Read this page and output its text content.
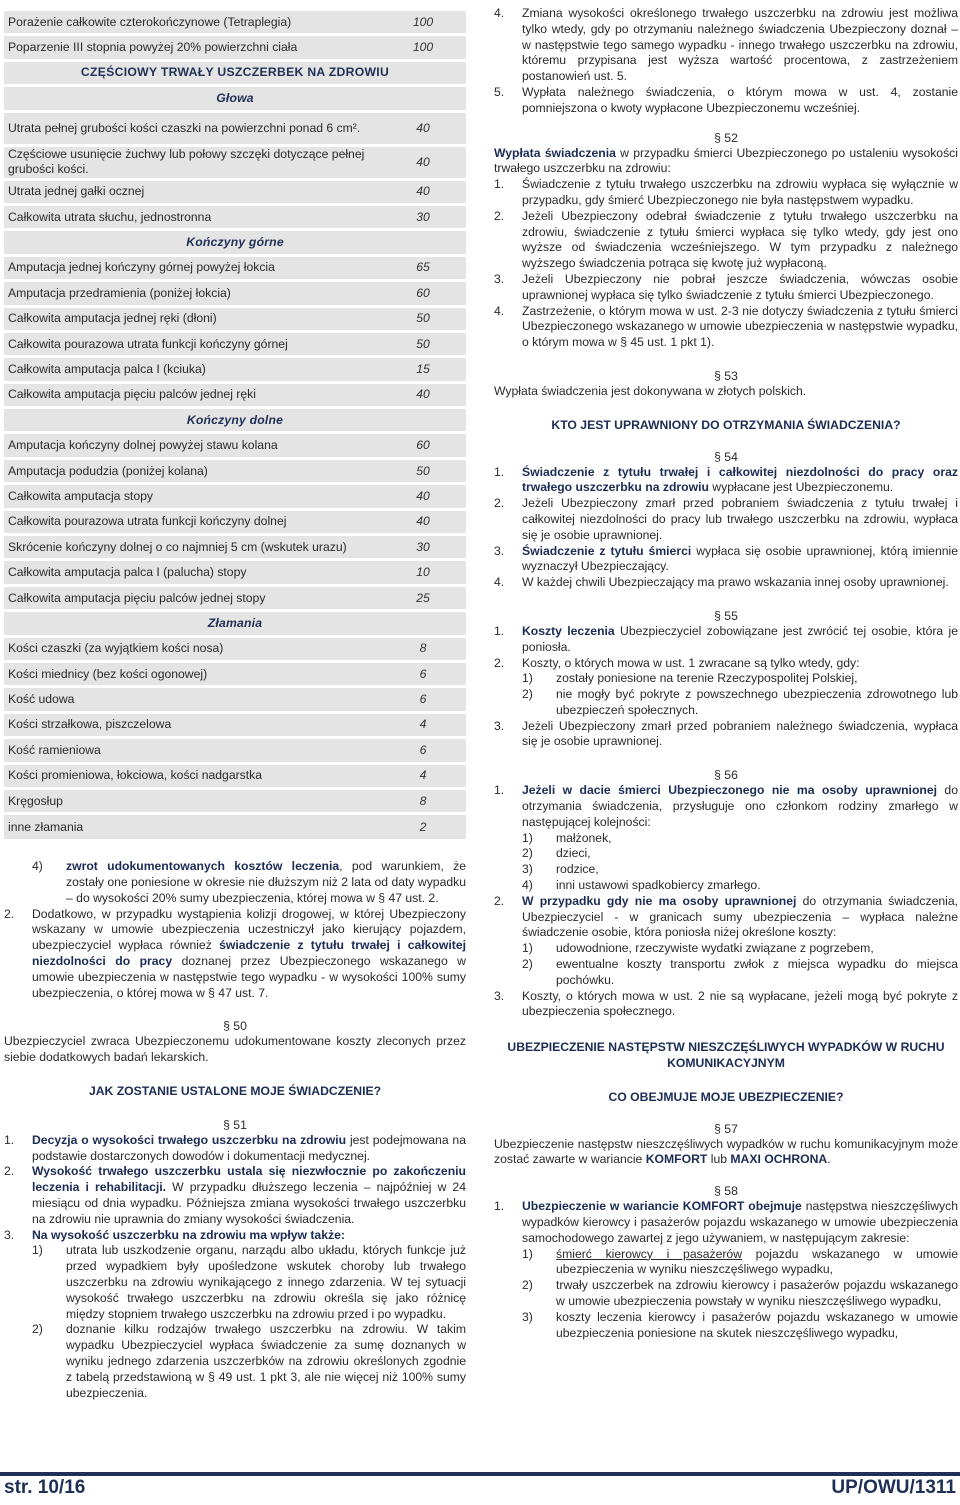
Porażenie całkowite czterokończynowe (Tetraplegia)	100
Poparzenie III stopnia powyżej 20% powierzchni ciała	100
CZĘŚCIOWY TRWAŁY USZCZERBEK NA ZDROWIU	
Głowa	
Utrata pełnej grubości kości czaszki na powierzchni ponad 6 cm².	40
Częściowe usunięcie żuchwy lub połowy szczęki dotyczące pełnej grubości kości.	40
Utrata jednej gałki ocznej	40
Całkowita utrata słuchu, jednostronna	30
Kończyny górne	
Amputacja jednej kończyny górnej powyżej łokcia	65
Amputacja przedramienia (poniżej łokcia)	60
Całkowita amputacja jednej ręki (dłoni)	50
Całkowita pourazowa utrata funkcji kończyny górnej	50
Całkowita amputacja palca I (kciuka)	15
Całkowita amputacja pięciu palców jednej ręki	40
Kończyny dolne	
Amputacja kończyny dolnej powyżej stawu kolana	60
Amputacja podudzia (poniżej kolana)	50
Całkowita amputacja stopy	40
Całkowita pourazowa utrata funkcji kończyny dolnej	40
Skrócenie kończyny dolnej o co najmniej 5 cm (wskutek urazu)	30
Całkowita amputacja palca I (palucha) stopy	10
Całkowita amputacja pięciu palców jednej stopy	25
Złamania	
Kości czaszki (za wyjątkiem kości nosa)	8
Kości miednicy (bez kości ogonowej)	6
Kość udowa	6
Kości strzałkowa, piszczelowa	4
Kość ramieniowa	6
Kości promieniowa, łokciowa, kości nadgarstka	4
Kręgosłup	8
inne złamania	2
4)	zwrot udokumentowanych kosztów leczenia, pod warunkiem, że zostały one poniesione w okresie nie dłuższym niż 2 lata od daty wypadku – do wysokości 20% sumy ubezpieczenia, której mowa w § 47 ust. 2.
2.	Dodatkowo, w przypadku wystąpienia kolizji drogowej, w której Ubezpieczony wskazany w umowie ubezpieczenia uczestniczył jako kierujący pojazdem, ubezpieczyciel wypłaca również świadczenie z tytułu trwałej i całkowitej niezdolności do pracy doznanej przez Ubezpieczonego wskazanego w umowie ubezpieczenia w następstwie tego wypadku - w wysokości 100% sumy ubezpieczenia, o której mowa w § 47 ust. 7.
§ 50

Ubezpieczyciel zwraca Ubezpieczonemu udokumentowane koszty zleconych przez siebie dodatkowych badań lekarskich.

JAK ZOSTANIE USTALONE MOJE ŚWIADCZENIE?
§ 51
1.	Decyzja o wysokości trwałego uszczerbku na zdrowiu jest podejmowana na podstawie dostarczonych dowodów i dokumentacji medycznej.
2.	Wysokość trwałego uszczerbku ustala się niezwłocznie po zakończeniu leczenia i rehabilitacji. W przypadku dłuższego leczenia – najpóźniej w 24 miesiącu od dnia wypadku. Późniejsza zmiana wysokości trwałego uszczerbku na zdrowiu nie uprawnia do zmiany wysokości świadczenia.
3.	Na wysokość uszczerbku na zdrowiu ma wpływ także:
1)	utrata lub uszkodzenie organu, narządu albo układu, których funkcje już przed wypadkiem były upośledzone wskutek choroby lub trwałego uszczerbku na zdrowiu wynikającego z innego zdarzenia. W tej sytuacji wysokość trwałego uszczerbku na zdrowiu określa się jako różnicę między stopniem trwałego uszczerbku na zdrowiu przed i po wypadku.
2)	doznanie kilku rodzajów trwałego uszczerbku na zdrowiu. W takim wypadku Ubezpieczyciel wypłaca świadczenie za sumę doznanych w wyniku jednego zdarzenia uszczerbków na zdrowiu określonych zgodnie z tabelą przedstawioną w § 49 ust. 1 pkt 3, ale nie więcej niż 100% sumy ubezpieczenia.
4.	Zmiana wysokości określonego trwałego uszczerbku na zdrowiu jest możliwa tylko wtedy, gdy po otrzymaniu należnego świadczenia Ubezpieczony doznał – w następstwie tego samego wypadku - innego trwałego uszczerbku na zdrowiu, któremu przypisana jest wyższa wartość procentowa, z zastrzeżeniem postanowień ust. 5.
5.	Wypłata należnego świadczenia, o którym mowa w ust. 4, zostanie pomniejszona o kwoty wypłacone Ubezpieczonemu wcześniej.
§ 52

Wypłata świadczenia w przypadku śmierci Ubezpieczonego po ustaleniu wysokości trwałego uszczerbku na zdrowiu:

1.	Świadczenie z tytułu trwałego uszczerbku na zdrowiu wypłaca się wyłącznie w przypadku, gdy śmierć Ubezpieczonego nie była następstwem wypadku.
2.	Jeżeli Ubezpieczony odebrał świadczenie z tytułu trwałego uszczerbku na zdrowiu, świadczenie z tytułu śmierci wypłaca się tylko wtedy, gdy jest ono wyższe od świadczenia wcześniejszego. W tym przypadku z należnego wyższego świadczenia potrąca się kwotę już wypłaconą.
3.	Jeżeli Ubezpieczony nie pobrał jeszcze świadczenia, wówczas osobie uprawnionej wypłaca się tylko świadczenie z tytułu śmierci Ubezpieczonego.
4.	Zastrzeżenie, o którym mowa w ust. 2-3 nie dotyczy świadczenia z tytułu śmierci Ubezpieczonego wskazanego w umowie ubezpieczenia w następstwie wypadku, o którym mowa w § 45 ust. 1 pkt 1).
§ 53

Wypłata świadczenia jest dokonywana w złotych polskich.

KTO JEST UPRAWNIONY DO OTRZYMANIA ŚWIADCZENIA?
§ 54
1.	Świadczenie z tytułu trwałej i całkowitej niezdolności do pracy oraz trwałego uszczerbku na zdrowiu wypłacane jest Ubezpieczonemu.
2.	Jeżeli Ubezpieczony zmarł przed pobraniem świadczenia z tytułu trwałej i całkowitej niezdolności do pracy lub trwałego uszczerbku na zdrowiu, wypłaca się je osobie uprawnionej.
3.	Świadczenie z tytułu śmierci wypłaca się osobie uprawnionej, którą imiennie wyznaczył Ubezpieczający.
4.	W każdej chwili Ubezpieczający ma prawo wskazania innej osoby uprawnionej.
§ 55
1.	Koszty leczenia Ubezpieczyciel zobowiązane jest zwrócić tej osobie, która je poniosła.
2.	Koszty, o których mowa w ust. 1 zwracane są tylko wtedy, gdy:
1)	zostały poniesione na terenie Rzeczypospolitej Polskiej,
2)	nie mogły być pokryte z powszechnego ubezpieczenia zdrowotnego lub ubezpieczeń społecznych.
3.	Jeżeli Ubezpieczony zmarł przed pobraniem należnego świadczenia, wypłaca się je osobie uprawnionej.
§ 56
1.	Jeżeli w dacie śmierci Ubezpieczonego nie ma osoby uprawnionej do otrzymania świadczenia, przysługuje ono członkom rodziny zmarłego w następującej kolejności:
1)	małżonek,
2)	dzieci,
3)	rodzice,
4)	inni ustawowi spadkobiercy zmarłego.
2.	W przypadku gdy nie ma osoby uprawnionej do otrzymania świadczenia, Ubezpieczyciel - w granicach sumy ubezpieczenia – wypłaca należne świadczenie osobie, która poniosła niżej określone koszty:
1)	udowodnione, rzeczywiste wydatki związane z pogrzebem,
2)	ewentualne koszty transportu zwłok z miejsca wypadku do miejsca pochówku.
3.	Koszty, o których mowa w ust. 2 nie są wypłacane, jeżeli mogą być pokryte z ubezpieczenia społecznego.
UBEZPIECZENIE NASTĘPSTW NIESZCZĘŚLIWYCH WYPADKÓW W RUCHU KOMUNIKACYJNYM
CO OBEJMUJE MOJE UBEZPIECZENIE?
§ 57

Ubezpieczenie następstw nieszczęśliwych wypadków w ruchu komunikacyjnym może zostać zawarte w wariancie KOMFORT lub MAXI OCHRONA.

§ 58
1.	Ubezpieczenie w wariancie KOMFORT obejmuje następstwa nieszczęśliwych wypadków kierowcy i pasażerów pojazdu wskazanego w umowie ubezpieczenia samochodowego zawartej z jego używaniem, w następującym zakresie:
1)	śmierć kierowcy i pasażerów pojazdu wskazanego w umowie ubezpieczenia w wyniku nieszczęśliwego wypadku,
2)	trwały uszczerbek na zdrowiu kierowcy i pasażerów pojazdu wskazanego w umowie ubezpieczenia powstały w wyniku nieszczęśliwego wypadku,
3)	koszty leczenia kierowcy i pasażerów pojazdu wskazanego w umowie ubezpieczenia poniesione na skutek nieszczęśliwego wypadku,
str. 10/16	UP/OWU/1311
